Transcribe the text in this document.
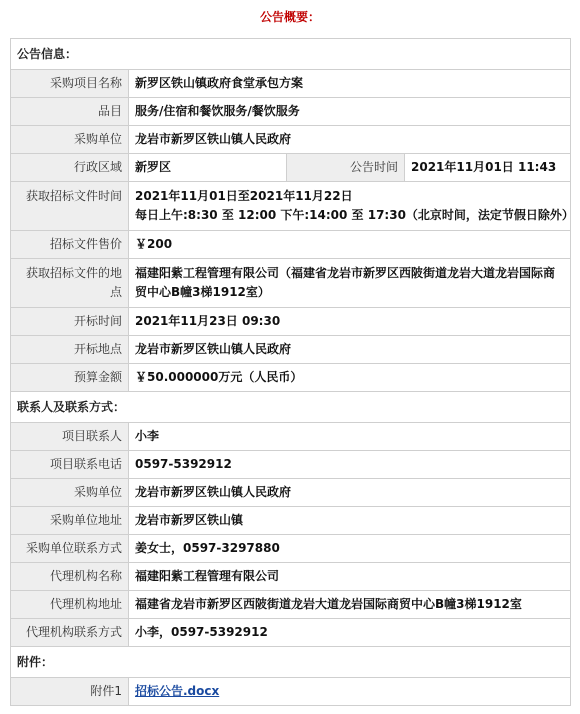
公告概要：
公告信息：			
采购项目名称	新罗区铁山镇政府食堂承包方案		
品目	服务/住宿和餐饮服务/餐饮服务		
采购单位	龙岩市新罗区铁山镇人民政府		
行政区域	新罗区	公告时间	2021年11月01日 11:43
获取招标文件时间	2021年11月01日至2021年11月22日
每日上午:8:30 至 12:00 下午:14:00 至 17:30（北京时间，法定节假日除外）		

招标文件售价	￥200		
获取招标文件的地点	福建阳紫工程管理有限公司（福建省龙岩市新罗区西陂街道龙岩大道龙岩国际商贸中心B幢3梯1912室）		
开标时间	2021年11月23日 09:30		
开标地点	龙岩市新罗区铁山镇人民政府		
预算金额	￥50.000000万元（人民币）		
联系人及联系方式：			
项目联系人	小李		
项目联系电话	0597-5392912		
采购单位	龙岩市新罗区铁山镇人民政府		
采购单位地址	龙岩市新罗区铁山镇		
采购单位联系方式	姜女士，0597-3297880		
代理机构名称	福建阳紫工程管理有限公司		
代理机构地址	福建省龙岩市新罗区西陂街道龙岩大道龙岩国际商贸中心B幢3梯1912室		
代理机构联系方式	小李，0597-5392912		
附件：			
附件1	招标公告.docx		
